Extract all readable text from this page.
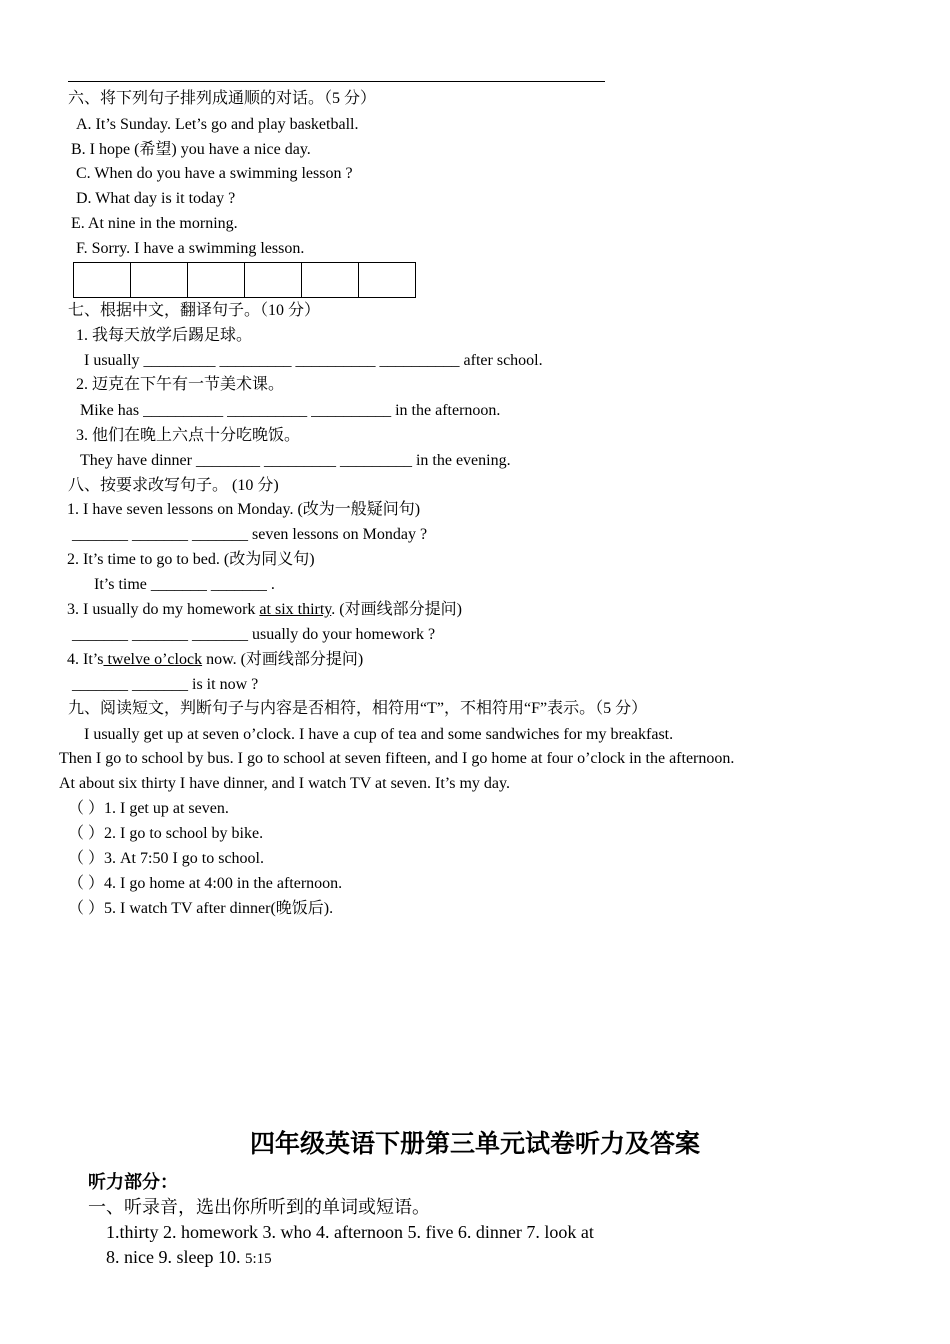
六、将下列句子排列成通顺的对话。（5 分）
A. It’s Sunday. Let’s go and play basketball.
B. I hope (希望) you have a nice day.
C. When do you have a swimming lesson ?
D. What day is it today ?
E. At nine in the morning.
F. Sorry. I have a swimming lesson.

七、根据中文，翻译句子。（10 分）
1. 我每天放学后踢足球。
I usually _________ _________ __________ __________ after school.
2. 迈克在下午有一节美术课。
Mike has __________ __________ __________ in the afternoon.
3. 他们在晚上六点十分吃晚饭。
They have dinner ________ _________ _________ in the evening.
八、按要求改写句子。 (10 分)
1. I have seven lessons on Monday. (改为一般疑问句)
_______ _______ _______ seven lessons on Monday ?
2. It’s time to go to bed. (改为同义句)
It’s time _______ _______ .
3. I usually do my homework at six thirty. (对画线部分提问)
_______ _______ _______ usually do your homework ?
4. It’s twelve o’clock now. (对画线部分提问)
_______ _______ is it now ?
九、阅读短文，判断句子与内容是否相符，相符用“T”，不相符用“F”表示。（5 分）
I usually get up at seven o’clock. I have a cup of tea and some sandwiches for my breakfast.
Then I go to school by bus. I go to school at seven fifteen, and I go home at four o’clock in the afternoon.
At about six thirty I have dinner, and I watch TV at seven. It’s my day.
（ ）1. I get up at seven.
（ ）2. I go to school by bike.
（ ）3. At 7:50 I go to school.
（ ）4. I go home at 4:00 in the afternoon.
（ ）5. I watch TV after dinner(晚饭后).
四年级英语下册第三单元试卷听力及答案
听力部分：
一、听录音，选出你所听到的单词或短语。
1.thirty 2. homework 3. who 4. afternoon 5. five 6. dinner 7. look at
8. nice 9. sleep 10. 5:15
